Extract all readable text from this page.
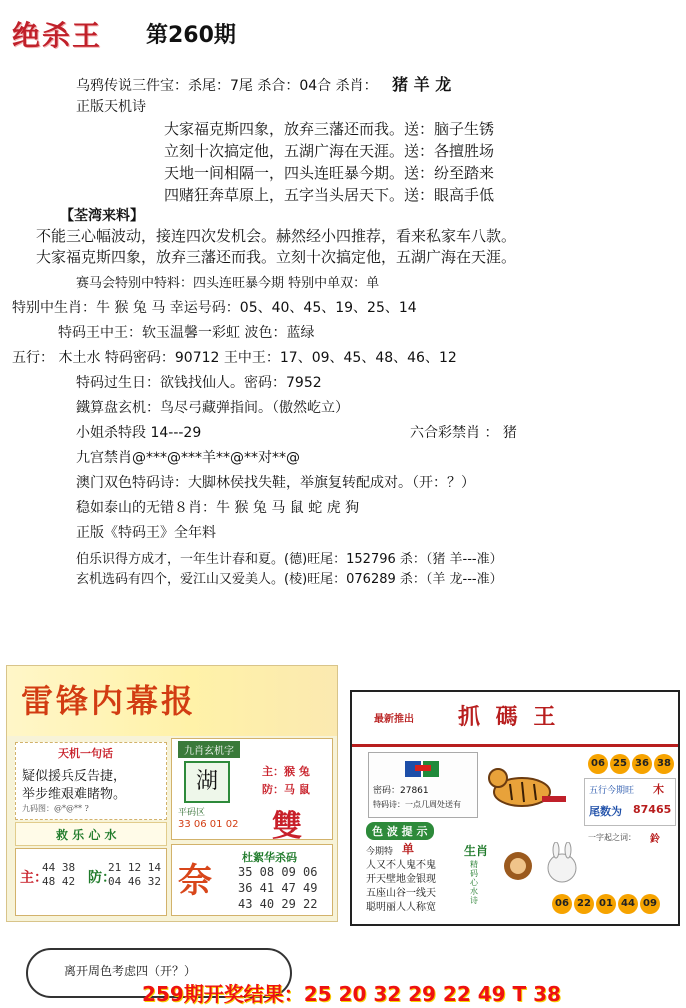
绝杀王 第260期
乌鸦传说三件宝：杀尾：7尾 杀合：04合 杀肖： 猪 羊 龙
正版天机诗
大家福克斯四象，放弃三藩还而我。送：脑子生锈
立刻十次搞定他，五湖广海在天涯。送：各擅胜场
天地一间相隔一，四头连旺暴今期。送：纷至踏来
四赌狂奔草原上，五字当头居天下。送：眼高手低
【荃湾来料】
不能三心幅波动，接连四次发机会。赫然经小四推荐，看来私家车八款。
大家福克斯四象，放弃三藩还而我。立刻十次搞定他，五湖广海在天涯。
赛马会特别中特料：四头连旺暴今期 特别中单双：单
特别中生肖：牛 猴 兔 马 幸运号码：05、40、45、19、25、14
特码王中王：软玉温馨一彩虹 波色：蓝绿
五行： 木土水 特码密码：90712 王中王：17、09、45、48、46、12
特码过生日：欲钱找仙人。密码：7952
鐵算盘玄机：鸟尽弓藏弹指间。（傲然屹立）
小姐杀特段 14---29	六合彩禁肖 ： 猪
九宫禁肖@***@***羊**@**对**@
澳门双色特码诗：大脚林侯找失鞋，举旗复转配成对。（开：？）
稳如泰山的无错８肖：牛 猴 兔 马 鼠 蛇 虎 狗
正版《特码王》全年料
伯乐识得方成才，一年生计春和夏。(德)旺尾：152796 杀：（猪 羊---准）
玄机选码有四个，爱江山又爱美人。(棱)旺尾：076289 杀：（羊 龙---准）
雷锋内幕报
天机一句话
疑似援兵反告捷，
举步维艰难睹物。
九码图：@*@** ?
九肖玄机字
湖	主：猴 兔
防：马 鼠
平码区
33 06 01 02 雙
救 乐 心 水
主：
44 38
48 42 防：
21 12 14
04 46 32 奈
杜絮华杀码
35 08 09 06
36 41 47 49
43 40 29 22
最新推出 抓 碼 王
密码：27861
特码诗：一点几周处送有
06 25 36 38
五行今期旺 木
尾数为 87465
一字起之词： 鈴
色 波 提 示
今期特 单
人又不人鬼不鬼
开天壁地金银现
五座山谷一线天
聪明丽人人称宽
生肖
精码心水诗	06 22 01 44 09
离开周色考虑四（开？）
259期开奖结果：25 20 32 29 22 49 T 38
